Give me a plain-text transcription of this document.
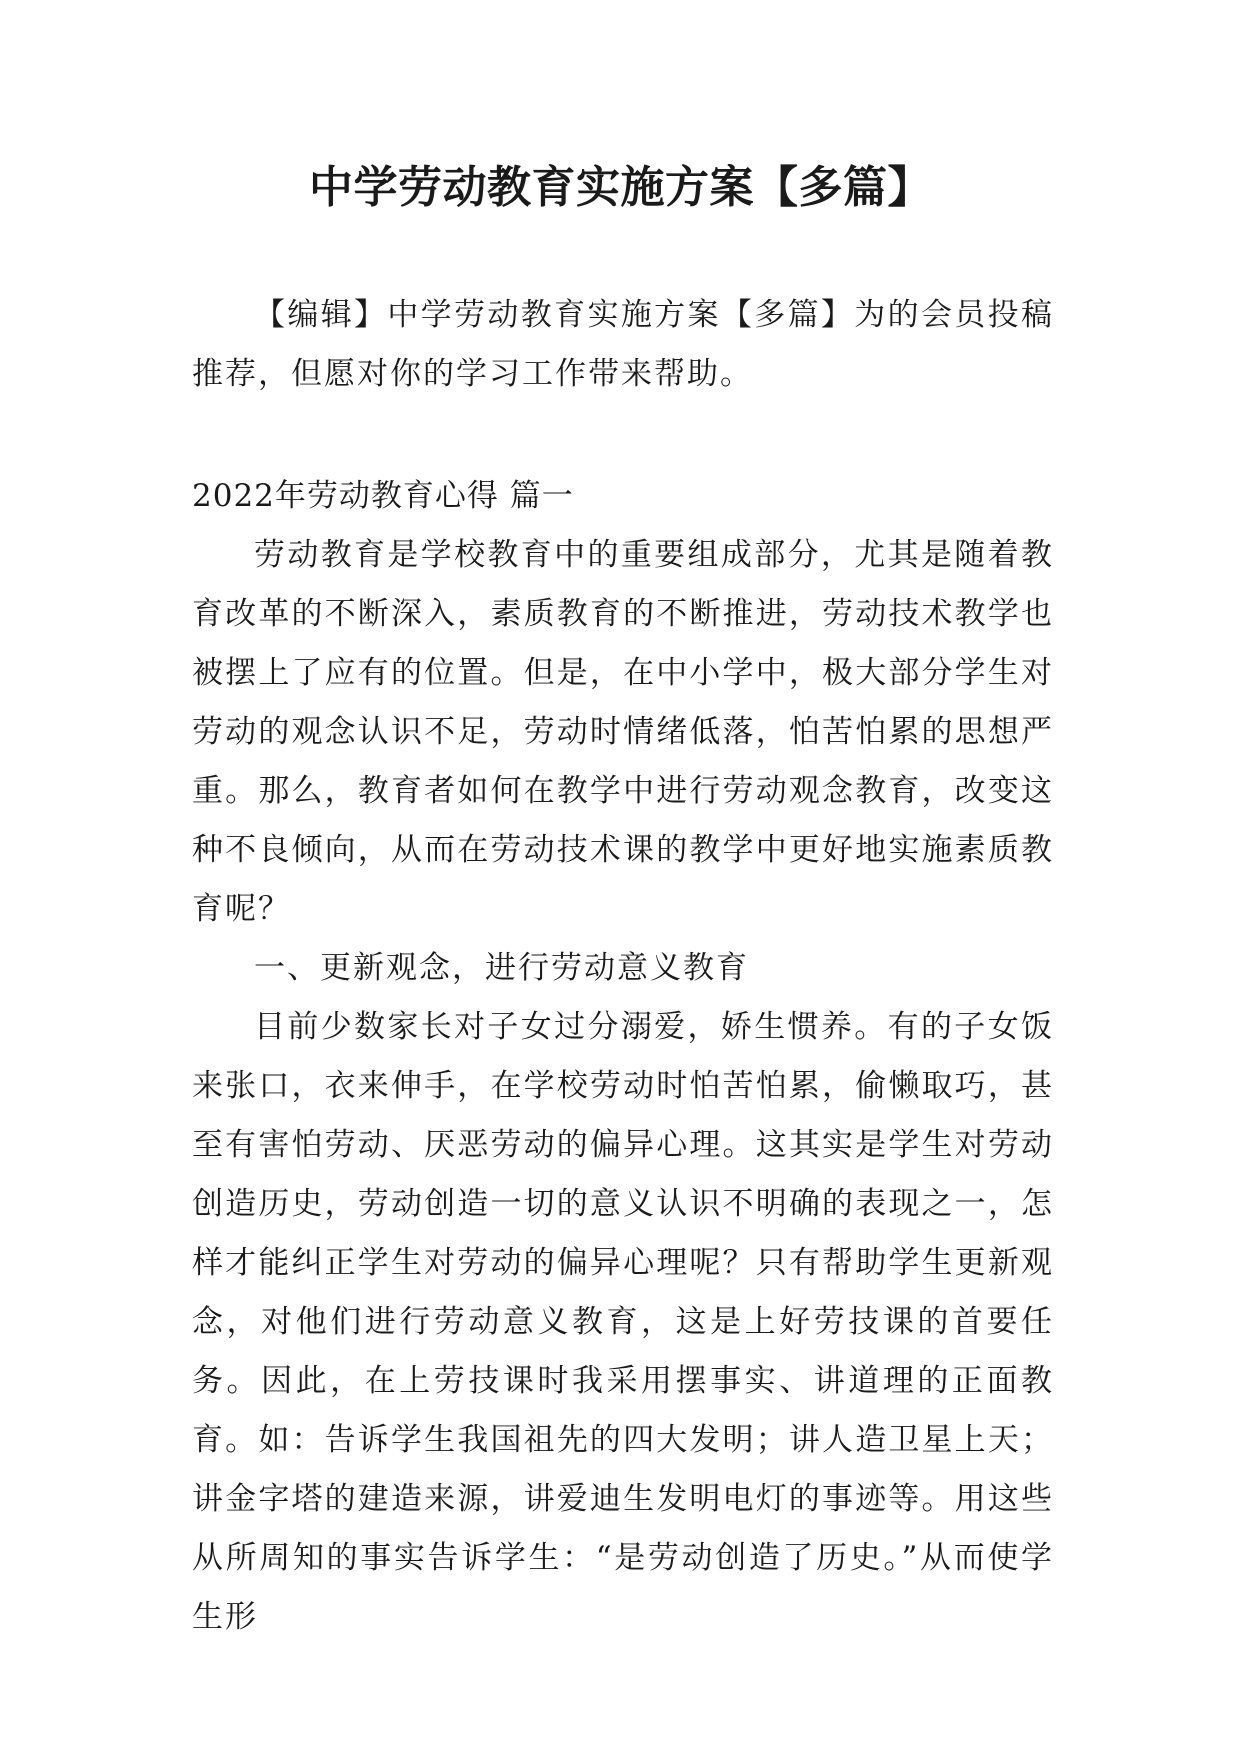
中学劳动教育实施方案【多篇】

【编辑】中学劳动教育实施方案【多篇】为的会员投稿推荐，但愿对你的学习工作带来帮助。

2022年劳动教育心得 篇一

劳动教育是学校教育中的重要组成部分，尤其是随着教育改革的不断深入，素质教育的不断推进，劳动技术教学也被摆上了应有的位置。但是，在中小学中，极大部分学生对劳动的观念认识不足，劳动时情绪低落，怕苦怕累的思想严重。那么，教育者如何在教学中进行劳动观念教育，改变这种不良倾向，从而在劳动技术课的教学中更好地实施素质教育呢？

一、更新观念，进行劳动意义教育

目前少数家长对子女过分溺爱，娇生惯养。有的子女饭来张口，衣来伸手，在学校劳动时怕苦怕累，偷懒取巧，甚至有害怕劳动、厌恶劳动的偏异心理。这其实是学生对劳动创造历史，劳动创造一切的意义认识不明确的表现之一，怎样才能纠正学生对劳动的偏异心理呢？只有帮助学生更新观念，对他们进行劳动意义教育，这是上好劳技课的首要任务。因此，在上劳技课时我采用摆事实、讲道理的正面教育。如：告诉学生我国祖先的四大发明；讲人造卫星上天；讲金字塔的建造来源，讲爱迪生发明电灯的事迹等。用这些从所周知的事实告诉学生：“是劳动创造了历史。”从而使学生形
